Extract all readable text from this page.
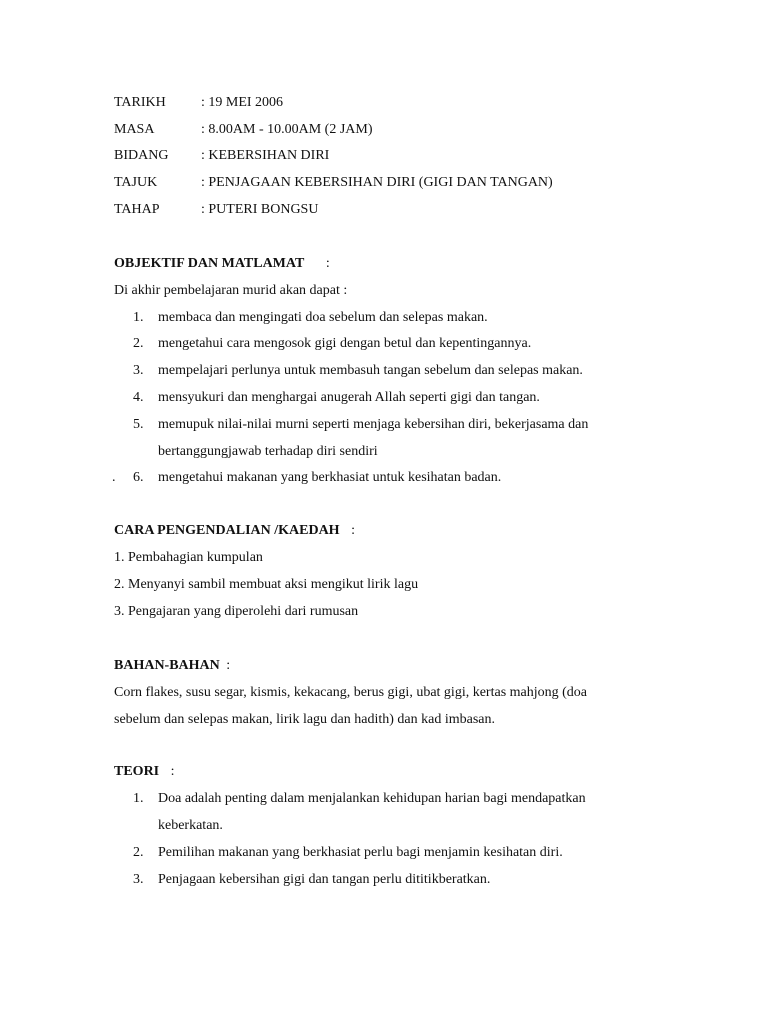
TARIKH	: 19 MEI 2006
MASA	: 8.00AM - 10.00AM (2 JAM)
BIDANG : KEBERSIHAN DIRI
TAJUK	: PENJAGAAN KEBERSIHAN DIRI (GIGI DAN TANGAN)
TAHAP	: PUTERI BONGSU
OBJEKTIF DAN MATLAMAT :
Di akhir pembelajaran murid akan dapat :
1. membaca dan mengingati doa sebelum dan selepas makan.
2. mengetahui cara mengosok gigi dengan betul dan kepentingannya.
3. mempelajari perlunya untuk membasuh tangan sebelum dan selepas makan.
4. mensyukuri dan menghargai anugerah Allah seperti gigi dan tangan.
5. memupuk nilai-nilai murni seperti menjaga kebersihan diri, bekerjasama dan
bertanggungjawab terhadap diri sendiri
. 6. mengetahui makanan yang berkhasiat untuk kesihatan badan.
CARA PENGENDALIAN /KAEDAH :
1. Pembahagian kumpulan
2. Menyanyi sambil membuat aksi mengikut lirik lagu
3. Pengajaran yang diperolehi dari rumusan
BAHAN-BAHAN :
Corn flakes, susu segar, kismis, kekacang, berus gigi, ubat gigi, kertas mahjong (doa
sebelum dan selepas makan, lirik lagu dan hadith) dan kad imbasan.
TEORI :
1. Doa adalah penting dalam menjalankan kehidupan harian bagi mendapatkan
keberkatan.
2. Pemilihan makanan yang berkhasiat perlu bagi menjamin kesihatan diri.
3. Penjagaan kebersihan gigi dan tangan perlu dititikberatkan.
